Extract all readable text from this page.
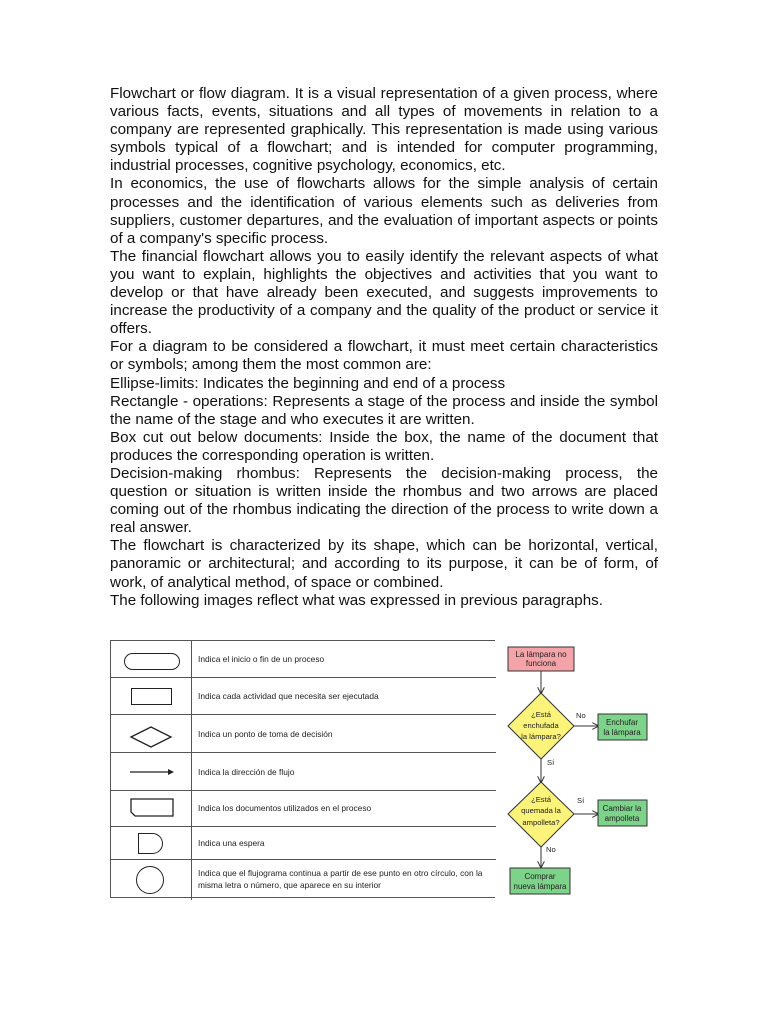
Flowchart or flow diagram. It is a visual representation of a given process, where various facts, events, situations and all types of movements in relation to a company are represented graphically. This representation is made using various symbols typical of a flowchart; and is intended for computer programming, industrial processes, cognitive psychology, economics, etc.

In economics, the use of flowcharts allows for the simple analysis of certain processes and the identification of various elements such as deliveries from suppliers, customer departures, and the evaluation of important aspects or points of a company's specific process.

The financial flowchart allows you to easily identify the relevant aspects of what you want to explain, highlights the objectives and activities that you want to develop or that have already been executed, and suggests improvements to increase the productivity of a company and the quality of the product or service it offers.

For a diagram to be considered a flowchart, it must meet certain characteristics or symbols; among them the most common are:

Ellipse-limits: Indicates the beginning and end of a process

Rectangle - operations: Represents a stage of the process and inside the symbol the name of the stage and who executes it are written.

Box cut out below documents: Inside the box, the name of the document that produces the corresponding operation is written.

Decision-making rhombus: Represents the decision-making process, the question or situation is written inside the rhombus and two arrows are placed coming out of the rhombus indicating the direction of the process to write down a real answer.

The flowchart is characterized by its shape, which can be horizontal, vertical, panoramic or architectural; and according to its purpose, it can be of form, of work, of analytical method, of space or combined.

The following images reflect what was expressed in previous paragraphs.

Indica el inicio o fin de un proceso
Indica cada actividad que necesita ser ejecutada
Indica un ponto de toma de decisión
Indica la dirección de flujo
Indica los documentos utilizados en el proceso
Indica una espera
Indica que el flujograma continua a partir de ese punto en otro círculo, con la misma letra o número, que aparece en su interior
La lámpara no
funciona
¿Está
enchufada
la lámpara?
No
Enchufar
la lámpara
Sí
¿Está
quemada la
ampolleta?
Sí
Cambiar la
ampolleta
No
Comprar
nueva lámpara
